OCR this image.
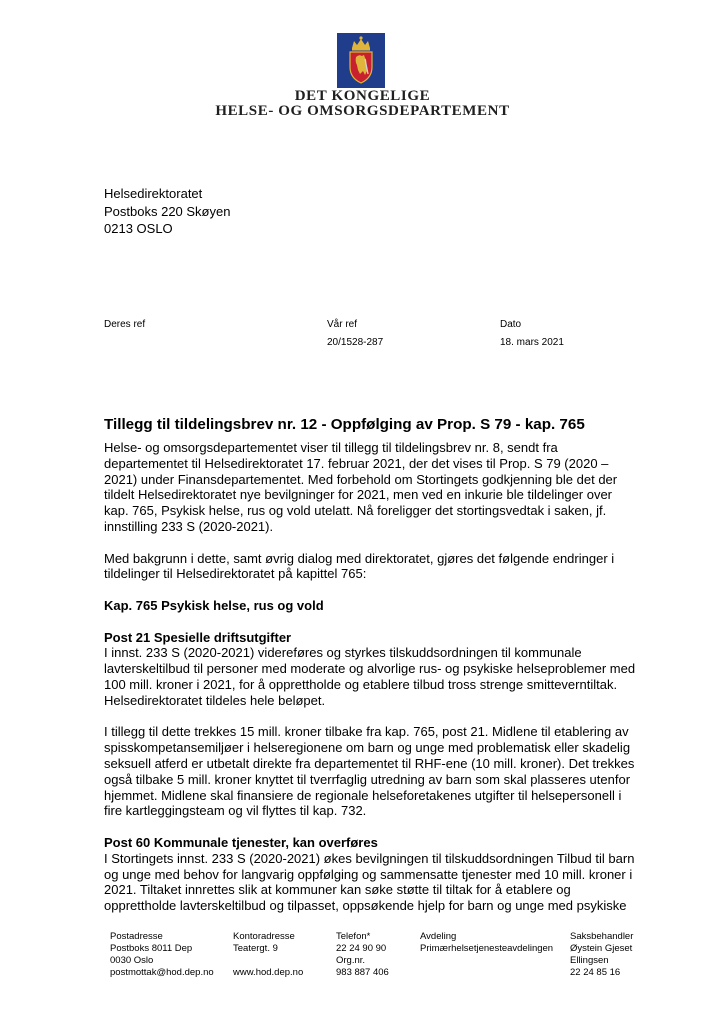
DET KONGELIGE
HELSE- OG OMSORGSDEPARTEMENT
Helsedirektoratet
Postboks 220 Skøyen
0213 OSLO
Deres ref	Vår ref
20/1528-287
Dato
18. mars 2021
Tillegg til tildelingsbrev nr. 12 - Oppfølging av Prop. S 79 - kap. 765

Helse- og omsorgsdepartementet viser til tillegg til tildelingsbrev nr. 8, sendt fra

departementet til Helsedirektoratet 17. februar 2021, der det vises til Prop. S 79 (2020 –

2021) under Finansdepartementet. Med forbehold om Stortingets godkjenning ble det der

tildelt Helsedirektoratet nye bevilgninger for 2021, men ved en inkurie ble tildelinger over

kap. 765, Psykisk helse, rus og vold utelatt. Nå foreligger det stortingsvedtak i saken, jf.

innstilling 233 S (2020-2021).

Med bakgrunn i dette, samt øvrig dialog med direktoratet, gjøres det følgende endringer i

tildelinger til Helsedirektoratet på kapittel 765:

Kap. 765 Psykisk helse, rus og vold

Post 21 Spesielle driftsutgifter

I innst. 233 S (2020-2021) videreføres og styrkes tilskuddsordningen til kommunale

lavterskeltilbud til personer med moderate og alvorlige rus- og psykiske helseproblemer med

100 mill. kroner i 2021, for å opprettholde og etablere tilbud tross strenge smitteverntiltak.

Helsedirektoratet tildeles hele beløpet.

I tillegg til dette trekkes 15 mill. kroner tilbake fra kap. 765, post 21. Midlene til etablering av

spisskompetansemiljøer i helseregionene om barn og unge med problematisk eller skadelig

seksuell atferd er utbetalt direkte fra departementet til RHF-ene (10 mill. kroner). Det trekkes

også tilbake 5 mill. kroner knyttet til tverrfaglig utredning av barn som skal plasseres utenfor

hjemmet. Midlene skal finansiere de regionale helseforetakenes utgifter til helsepersonell i

fire kartleggingsteam og vil flyttes til kap. 732.

Post 60 Kommunale tjenester, kan overføres

I Stortingets innst. 233 S (2020-2021) økes bevilgningen til tilskuddsordningen Tilbud til barn

og unge med behov for langvarig oppfølging og sammensatte tjenester med 10 mill. kroner i

2021. Tiltaket innrettes slik at kommuner kan søke støtte til tiltak for å etablere og

opprettholde lavterskeltilbud og tilpasset, oppsøkende hjelp for barn og unge med psykiske

Postadresse
Postboks 8011 Dep
0030 Oslo
postmottak@hod.dep.no
Kontoradresse
Teatergt. 9

www.hod.dep.no
Telefon*
22 24 90 90
Org.nr.
983 887 406
Avdeling
Primærhelsetjenesteavdelingen
Saksbehandler
Øystein Gjeset
Ellingsen
22 24 85 16
